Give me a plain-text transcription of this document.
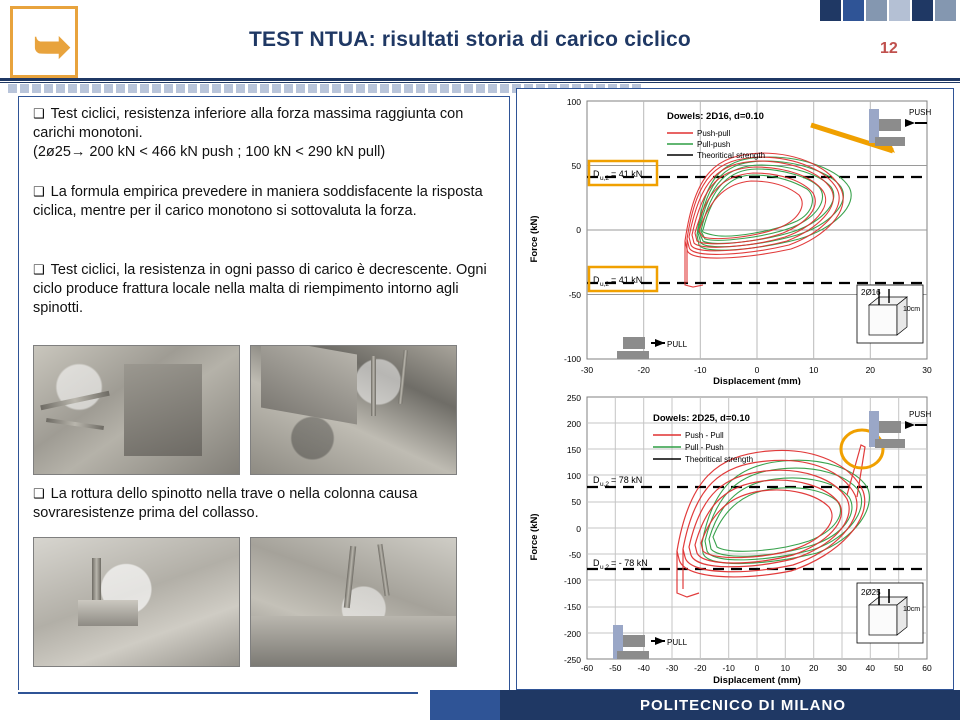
➥	TEST NTUA: risultati storia di carico ciclico	12
❑ Test ciclici, resistenza inferiore alla forza massima raggiunta con carichi monotoni.
(2ø25→ 200 kN < 466 kN push ; 100 kN < 290 kN pull)
❑ La formula empirica prevedere in maniera soddisfacente la risposta ciclica, mentre per il carico monotono si sottovaluta la forza.
❑ Test ciclici, la resistenza in ogni passo di carico è decrescente. Ogni ciclo produce frattura locale nella malta di riempimento intorno agli spinotti.
❑ La rottura dello spinotto nella trave o nella colonna causa sovraresistenze prima del collasso.
D u,2 = 41 kN
D u,2 = 41 kN
Dowels: 2D16, d=0.10
Push-pull
Pull-push
Theoritical strength
PUSH
PULL
2Ø16
10cm
100
50
0
-50
-100
-30	-20	-10	0	10	20	30
Displacement (mm)
Force (kN)
Dowels: 2D25, d=0.10
Push - Pull
Pull - Push
Theoritical strength
D u,2 = 78 kN
D u,2 = - 78 kN
PUSH
PULL
2Ø25
10cm
250
200
150
100
50
0
-50
-100
-150
-200
-250
-60 -50 -40 -30 -20 -10 0 10 20 30 40 50 60
Displacement (mm)
Force (kN)
POLITECNICO DI MILANO
